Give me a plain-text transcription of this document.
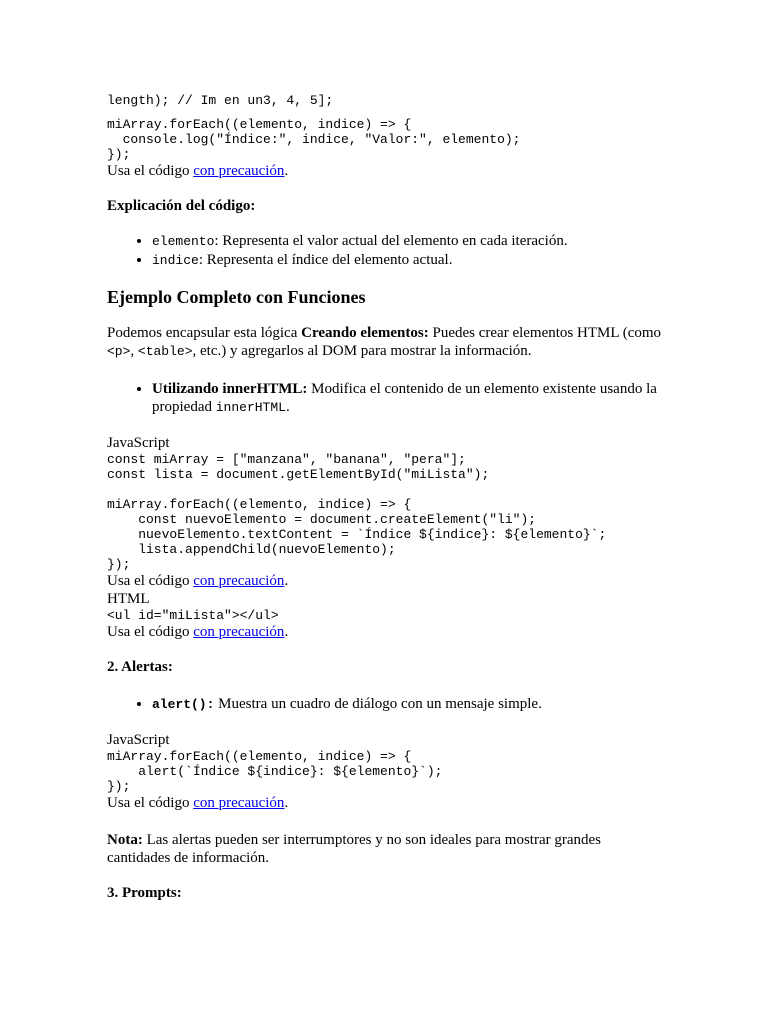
length); // Im en un3, 4, 5];
miArray.forEach((elemento, indice) => {
console.log("Índice:", indice, "Valor:", elemento);
});

Usa el código con precaución.

Explicación del código:

• elemento: Representa el valor actual del elemento en cada iteración.
• indice: Representa el índice del elemento actual.
Ejemplo Completo con Funciones

Podemos encapsular esta lógica Creando elementos: Puedes crear elementos HTML (como <p>, <table>, etc.) y agregarlos al DOM para mostrar la información.

• Utilizando innerHTML: Modifica el contenido de un elemento existente usando la propiedad innerHTML.

JavaScript

const miArray = ["manzana", "banana", "pera"];
const lista = document.getElementById("miLista");

miArray.forEach((elemento, indice) => {
const nuevoElemento = document.createElement("li");
nuevoElemento.textContent = `Índice ${indice}: ${elemento}`;
lista.appendChild(nuevoElemento);
});

Usa el código con precaución.

HTML

<ul id="miLista"></ul>

Usa el código con precaución.

2. Alertas:

• alert(): Muestra un cuadro de diálogo con un mensaje simple.

JavaScript

miArray.forEach((elemento, indice) => {
alert(`Índice ${indice}: ${elemento}`);
});

Usa el código con precaución.

Nota: Las alertas pueden ser interrumptores y no son ideales para mostrar grandes cantidades de información.

3. Prompts:
